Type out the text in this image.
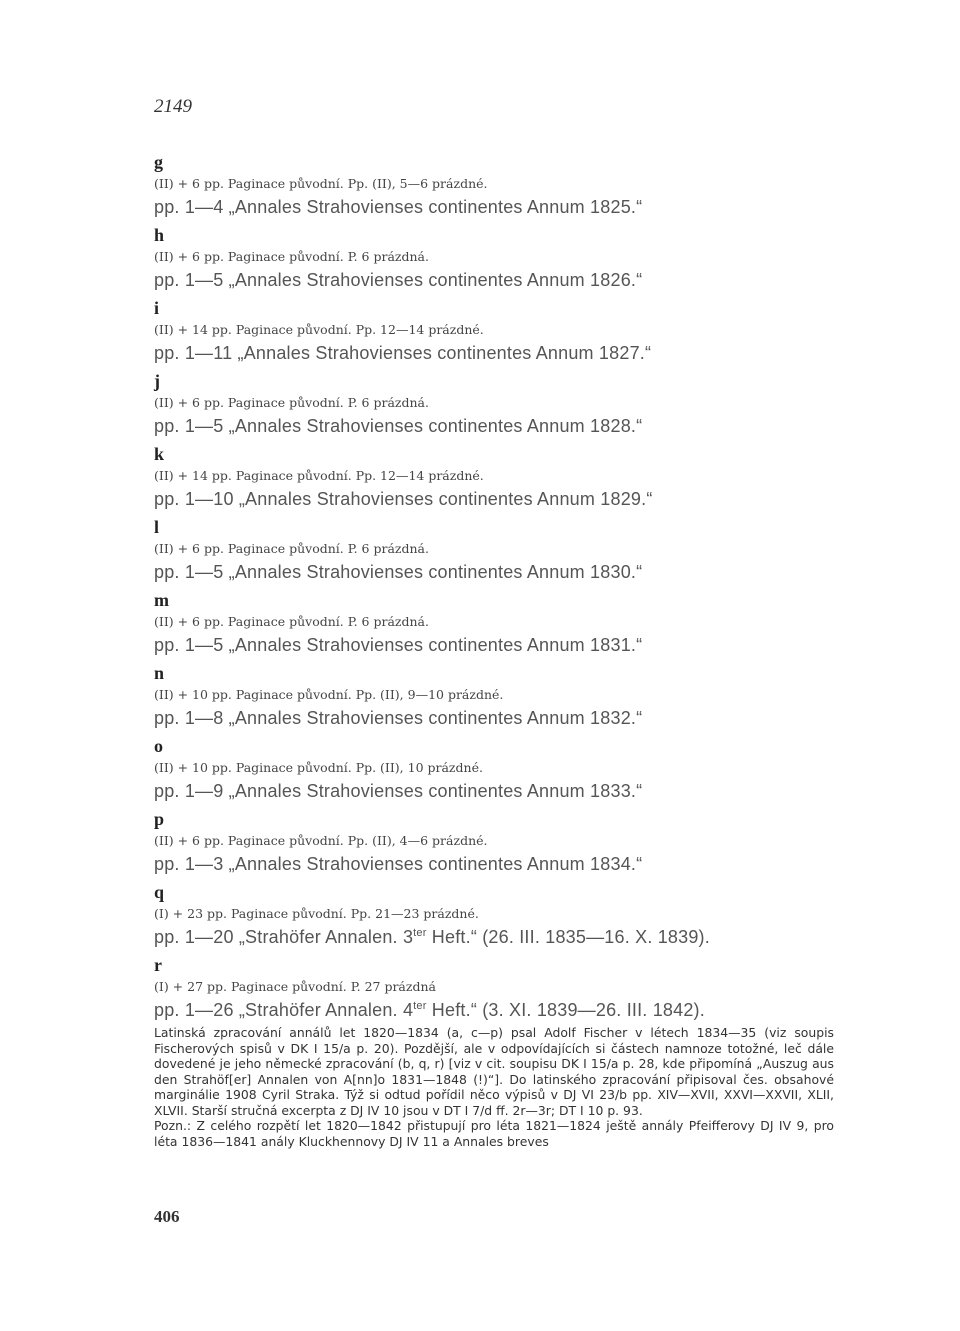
2149
g
(II) + 6 pp. Paginace původní. Pp. (II), 5—6 prázdné.
pp. 1—4 „Annales Strahovienses continentes Annum 1825.“
h
(II) + 6 pp. Paginace původní. P. 6 prázdná.
pp. 1—5 „Annales Strahovienses continentes Annum 1826.“
i
(II) + 14 pp. Paginace původní. Pp. 12—14 prázdné.
pp. 1—11 „Annales Strahovienses continentes Annum 1827.“
j
(II) + 6 pp. Paginace původní. P. 6 prázdná.
pp. 1—5 „Annales Strahovienses continentes Annum 1828.“
k
(II) + 14 pp. Paginace původní. Pp. 12—14 prázdné.
pp. 1—10 „Annales Strahovienses continentes Annum 1829.“
l
(II) + 6 pp. Paginace původní. P. 6 prázdná.
pp. 1—5 „Annales Strahovienses continentes Annum 1830.“
m
(II) + 6 pp. Paginace původní. P. 6 prázdná.
pp. 1—5 „Annales Strahovienses continentes Annum 1831.“
n
(II) + 10 pp. Paginace původní. Pp. (II), 9—10 prázdné.
pp. 1—8 „Annales Strahovienses continentes Annum 1832.“
o
(II) + 10 pp. Paginace původní. Pp. (II), 10 prázdné.
pp. 1—9 „Annales Strahovienses continentes Annum 1833.“
p
(II) + 6 pp. Paginace původní. Pp. (II), 4—6 prázdné.
pp. 1—3 „Annales Strahovienses continentes Annum 1834.“
q
(I) + 23 pp. Paginace původní. Pp. 21—23 prázdné.
pp. 1—20 „Strahöfer Annalen. $3^{ter}$ Heft.“ (26. III. 1835—16. X. 1839).
r
(I) + 27 pp. Paginace původní. P. 27 prázdná
pp. 1—26 „Strahöfer Annalen. $4^{ter}$ Heft.“ (3. XI. 1839—26. III. 1842).

Latinská zpracování annálů let 1820—1834 (a, c—p) psal Adolf Fischer v létech 1834—35 (viz soupis Fischerových spisů v DK I 15/a p. 20). Pozdější, ale v odpovídajících si částech namnoze totožné, leč dále dovedené je jeho německé zpracování (b, q, r) [viz v cit. soupisu DK I 15/a p. 28, kde připomíná „Auszug aus den Strahöf[er] Annalen von A[nn]o 1831—1848 (!)“]. Do latinského zpracování připisoval čes. obsahové marginálie 1908 Cyril Straka. Týž si odtud pořídil něco výpisů v DJ VI 23/b pp. XIV—XVII, XXVI—XXVII, XLII, XLVII. Starší stručná excerpta z DJ IV 10 jsou v DT I 7/d ff. 2r—3r; DT I 10 p. 93.

Pozn.: Z celého rozpětí let 1820—1842 přistupují pro léta 1821—1824 ještě annály Pfeifferovy DJ IV 9, pro léta 1836—1841 anály Kluckhennovy DJ IV 11 a Annales breves

406
